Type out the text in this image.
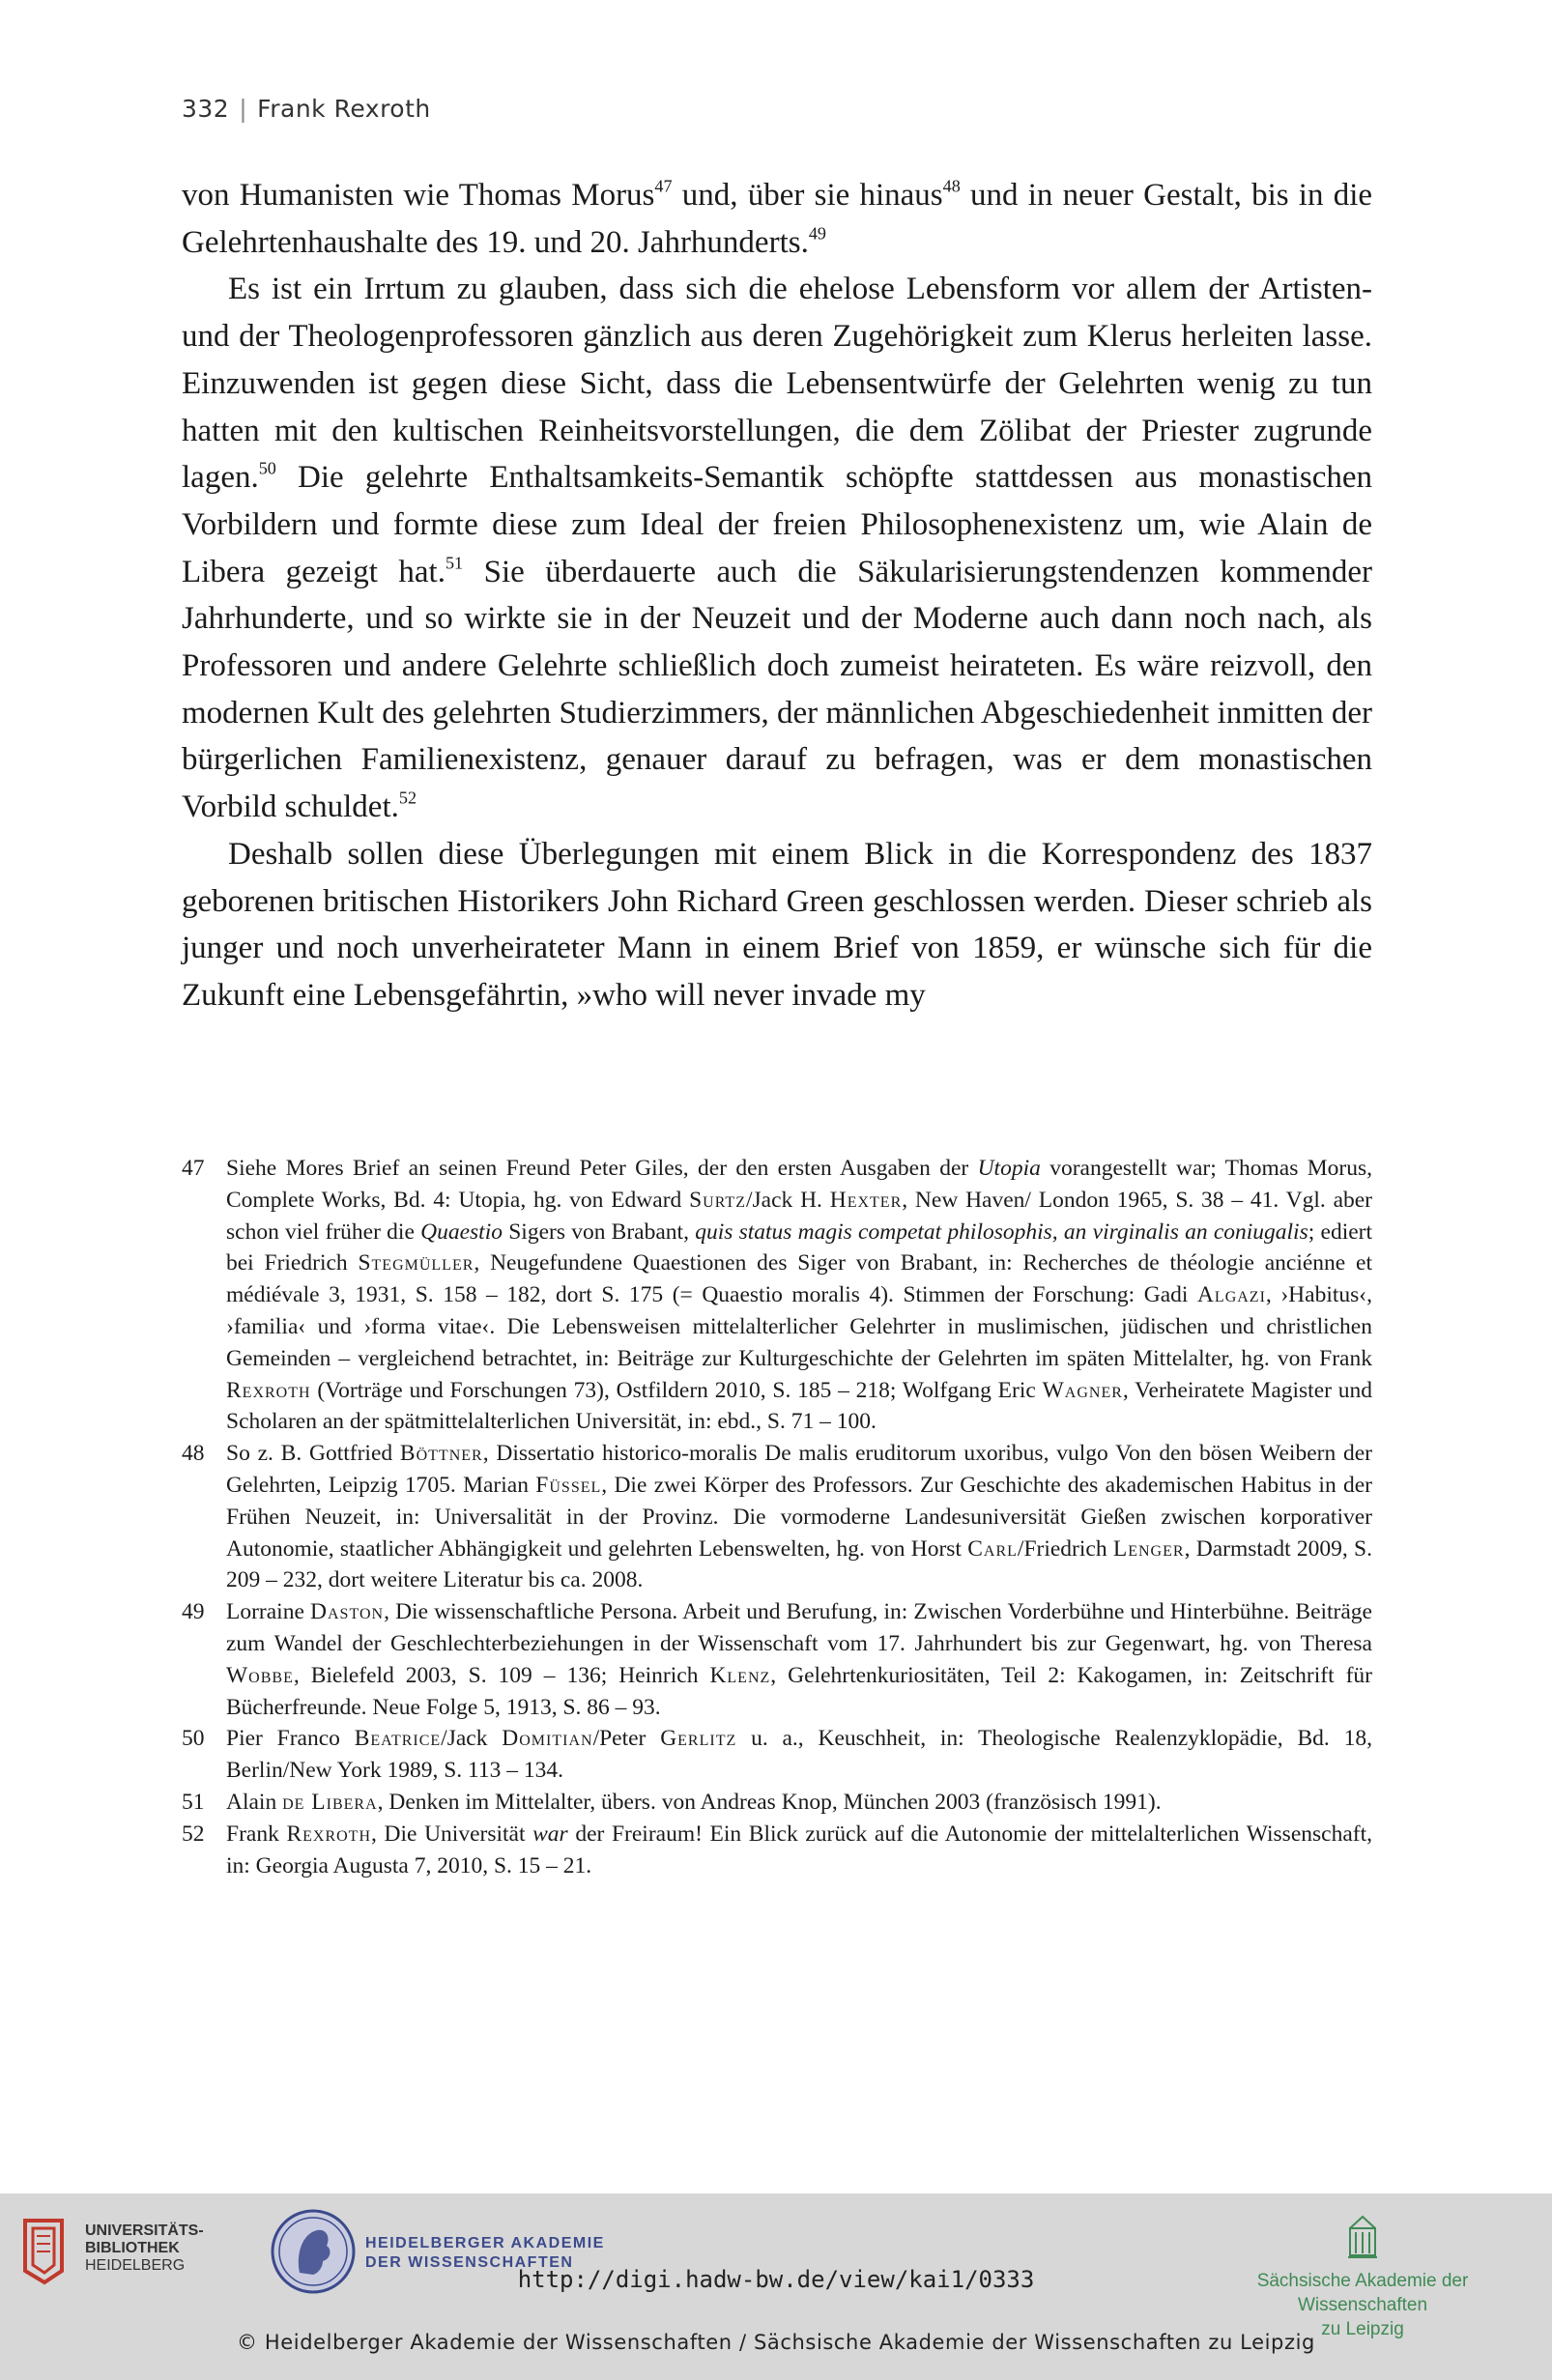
332 | Frank Rexroth

von Humanisten wie Thomas Morus$^{47}$ und, über sie hinaus$^{48}$ und in neuer Gestalt, bis in die Gelehrtenhaushalte des 19. und 20. Jahrhunderts.$^{49}$

Es ist ein Irrtum zu glauben, dass sich die ehelose Lebensform vor allem der Artisten- und der Theologenprofessoren gänzlich aus deren Zugehörigkeit zum Klerus herleiten lasse. Einzuwenden ist gegen diese Sicht, dass die Lebensentwürfe der Gelehrten wenig zu tun hatten mit den kultischen Reinheitsvorstellungen, die dem Zölibat der Priester zugrunde lagen.$^{50}$ Die gelehrte Enthaltsamkeits-Semantik schöpfte stattdessen aus monastischen Vorbildern und formte diese zum Ideal der freien Philosophenexistenz um, wie Alain de Libera gezeigt hat.$^{51}$ Sie überdauerte auch die Säkularisierungstendenzen kommender Jahrhunderte, und so wirkte sie in der Neuzeit und der Moderne auch dann noch nach, als Professoren und andere Gelehrte schließlich doch zumeist heirateten. Es wäre reizvoll, den modernen Kult des gelehrten Studierzimmers, der männlichen Abgeschiedenheit inmitten der bürgerlichen Familienexistenz, genauer darauf zu befragen, was er dem monastischen Vorbild schuldet.$^{52}$

Deshalb sollen diese Überlegungen mit einem Blick in die Korrespondenz des 1837 geborenen britischen Historikers John Richard Green geschlossen werden. Dieser schrieb als junger und noch unverheirateter Mann in einem Brief von 1859, er wünsche sich für die Zukunft eine Lebensgefährtin, »who will never invade my

47 Siehe Mores Brief an seinen Freund Peter Giles, der den ersten Ausgaben der Utopia vorangestellt war; Thomas Morus, Complete Works, Bd. 4: Utopia, hg. von Edward Surtz/Jack H. Hexter, New Haven/ London 1965, S. 38 – 41. Vgl. aber schon viel früher die Quaestio Sigers von Brabant, quis status magis competat philosophis, an virginalis an coniugalis; ediert bei Friedrich Stegmüller, Neugefundene Quaestionen des Siger von Brabant, in: Recherches de théologie anciénne et médiévale 3, 1931, S. 158 – 182, dort S. 175 (= Quaestio moralis 4). Stimmen der Forschung: Gadi Algazi, ›Habitus‹, ›familia‹ und ›forma vitae‹. Die Lebensweisen mittelalterlicher Gelehrter in muslimischen, jüdischen und christlichen Gemeinden – vergleichend betrachtet, in: Beiträge zur Kulturgeschichte der Gelehrten im späten Mittelalter, hg. von Frank Rexroth (Vorträge und Forschungen 73), Ostfildern 2010, S. 185 – 218; Wolfgang Eric Wagner, Verheiratete Magister und Scholaren an der spätmittelalterlichen Universität, in: ebd., S. 71 – 100.
48 So z. B. Gottfried Böttner, Dissertatio historico-moralis De malis eruditorum uxoribus, vulgo Von den bösen Weibern der Gelehrten, Leipzig 1705. Marian Füssel, Die zwei Körper des Professors. Zur Geschichte des akademischen Habitus in der Frühen Neuzeit, in: Universalität in der Provinz. Die vormoderne Landesuniversität Gießen zwischen korporativer Autonomie, staatlicher Abhängigkeit und gelehrten Lebenswelten, hg. von Horst Carl/Friedrich Lenger, Darmstadt 2009, S. 209 – 232, dort weitere Literatur bis ca. 2008.
49 Lorraine Daston, Die wissenschaftliche Persona. Arbeit und Berufung, in: Zwischen Vorderbühne und Hinterbühne. Beiträge zum Wandel der Geschlechterbeziehungen in der Wissenschaft vom 17. Jahrhundert bis zur Gegenwart, hg. von Theresa Wobbe, Bielefeld 2003, S. 109 – 136; Heinrich Klenz, Gelehrtenkuriositäten, Teil 2: Kakogamen, in: Zeitschrift für Bücherfreunde. Neue Folge 5, 1913, S. 86 – 93.
50 Pier Franco Beatrice/Jack Domitian/Peter Gerlitz u. a., Keuschheit, in: Theologische Realenzyklopädie, Bd. 18, Berlin/New York 1989, S. 113 – 134.
51 Alain de Libera, Denken im Mittelalter, übers. von Andreas Knop, München 2003 (französisch 1991).
52 Frank Rexroth, Die Universität war der Freiraum! Ein Blick zurück auf die Autonomie der mittelalterlichen Wissenschaft, in: Georgia Augusta 7, 2010, S. 15 – 21.
UNIVERSITÄTS-
BIBLIOTHEK
HEIDELBERG
HEIDELBERGER AKADEMIE
DER WISSENSCHAFTEN
Sächsische Akademie der Wissenschaften
zu Leipzig
http://digi.hadw-bw.de/view/kai1/0333
© Heidelberger Akademie der Wissenschaften / Sächsische Akademie der Wissenschaften zu Leipzig
